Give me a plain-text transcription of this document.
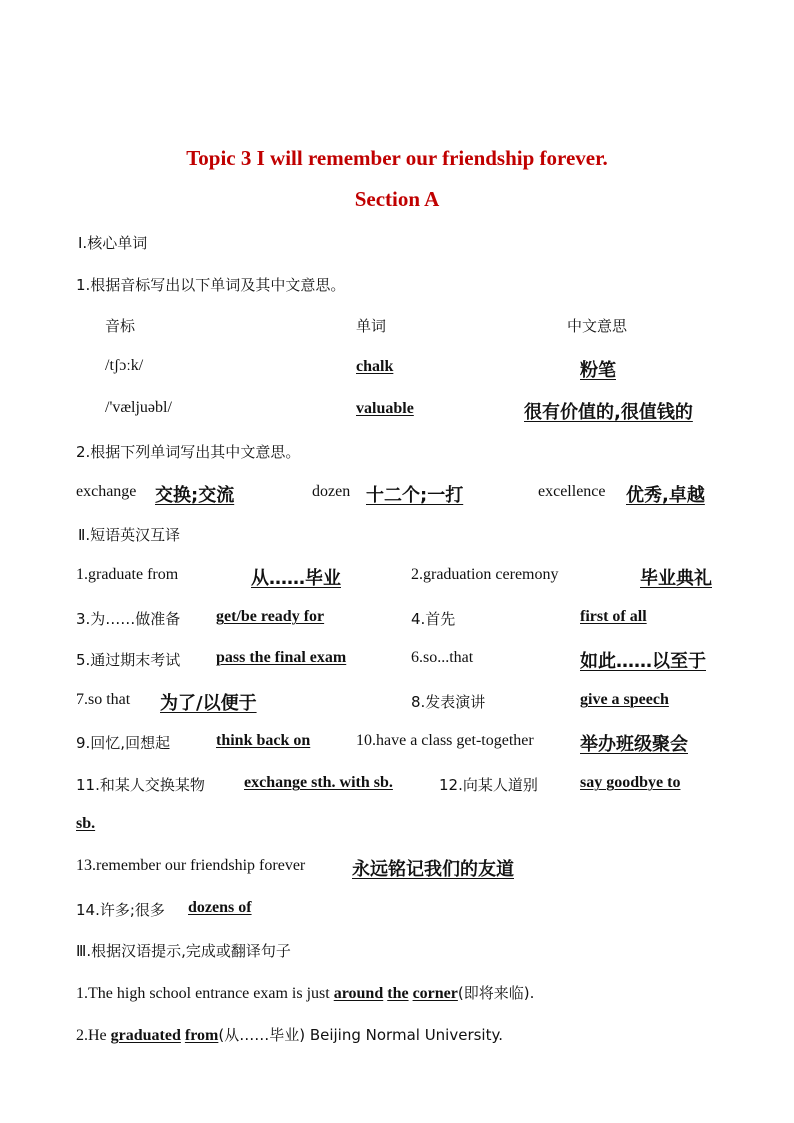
Topic 3 I will remember our friendship forever.
Section A
Ⅰ.核心单词
1.根据音标写出以下单词及其中文意思。
音标	单词	中文意思
/tʃɔːk/	chalk	粉笔
/'væljuəbl/	valuable	很有价值的,很值钱的
2.根据下列单词写出其中文意思。
exchange 交换;交流	dozen 十二个;一打	excellence 优秀,卓越
Ⅱ.短语英汉互译
1.graduate from	从……毕业	2.graduation ceremony	毕业典礼
3.为……做准备 get/be ready for	4.首先	first of all
5.通过期末考试 pass the final exam	6.so...that	如此……以至于
7.so that 为了/以便于	8.发表演讲	give a speech
9.回忆,回想起	think back on	10.have a class get-together	举办班级聚会
11.和某人交换某物 exchange sth. with sb.	12.向某人道别	say goodbye to
sb.
13.remember our friendship forever	永远铭记我们的友道
14.许多;很多 dozens of
Ⅲ.根据汉语提示,完成或翻译句子
1.The high school entrance exam is just around the corner(即将来临).
2.He graduated from(从……毕业) Beijing Normal University.
